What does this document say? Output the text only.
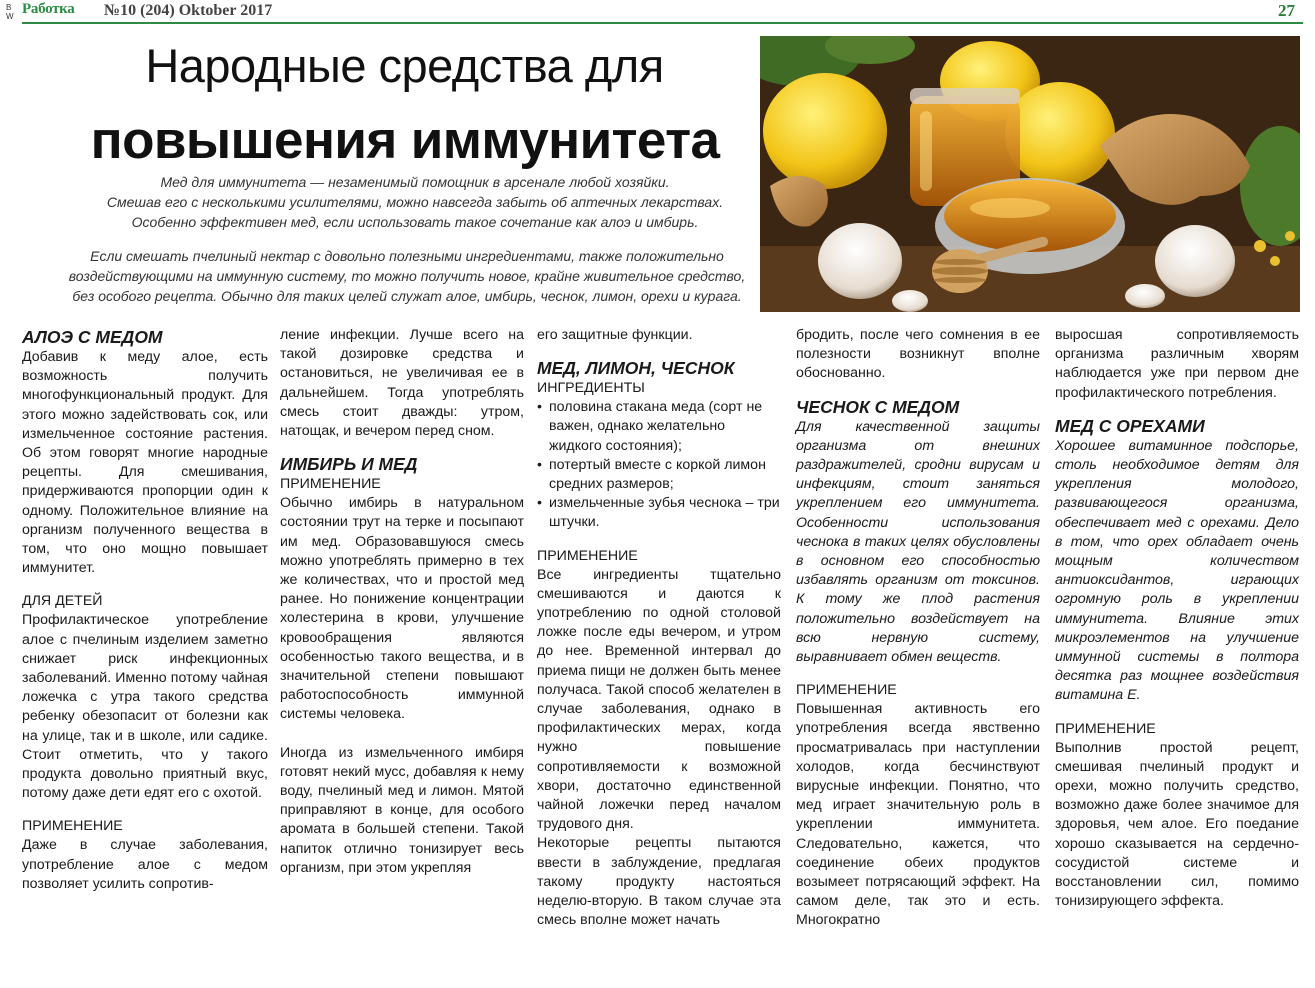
BW Работка №10 (204) Oktober 2017	27
Народные средства для
повышения иммунитета
Мед для иммунитета — незаменимый помощник в арсенале любой хозяйки.
Смешав его с несколькими усилителями, можно навсегда забыть об аптечных лекарствах.
Особенно эффективен мед, если использовать такое сочетание как алоэ и имбирь.
Если смешать пчелиный нектар с довольно полезными ингредиентами, также положительно
воздействующими на иммунную систему, то можно получить новое, крайне живительное средство,
без особого рецепта. Обычно для таких целей служат алое, имбирь, чеснок, лимон, орехи и курага.
АЛОЭ С МЕДОМ

Добавив к меду алое, есть возможность получить многофункциональный продукт. Для этого можно задействовать сок, или измельченное состояние растения. Об этом говорят многие народные рецепты. Для смешивания, придерживаются пропорции один к одному. Положительное влияние на организм полученного вещества в том, что оно мощно повышает иммунитет.

ДЛЯ ДЕТЕЙ

Профилактическое употребление алое с пчелиным изделием заметно снижает риск инфекционных заболеваний. Именно потому чайная ложечка с утра такого средства ребенку обезопасит от болезни как на улице, так и в школе, или садике. Стоит отметить, что у такого продукта довольно приятный вкус, потому даже дети едят его с охотой.

ПРИМЕНЕНИЕ

Даже в случае заболевания, употребление алое с медом позволяет усилить сопротив-

ление инфекции. Лучше всего на такой дозировке средства и остановиться, не увеличивая ее в дальнейшем. Тогда употреблять смесь стоит дважды: утром, натощак, и вечером перед сном.

ИМБИРЬ И МЕД
ПРИМЕНЕНИЕ

Обычно имбирь в натуральном состоянии трут на терке и посыпают им мед. Образовавшуюся смесь можно употреблять примерно в тех же количествах, что и простой мед ранее. Но понижение концентрации холестерина в крови, улучшение кровообращения являются особенностью такого вещества, и в значительной степени повышают работоспособность иммунной системы человека.

Иногда из измельченного имбиря готовят некий мусс, добавляя к нему воду, пчелиный мед и лимон. Мятой приправляют в конце, для особого аромата в большей степени. Такой напиток отлично тонизирует весь организм, при этом укрепляя

его защитные функции.

МЕД, ЛИМОН, ЧЕСНОК
ИНГРЕДИЕНТЫ
• половина стакана меда (сорт не важен, однако желательно жидкого состояния);
• потертый вместе с коркой лимон средних размеров;
• измельченные зубья чеснока – три штучки.
ПРИМЕНЕНИЕ

Все ингредиенты тщательно смешиваются и даются к употреблению по одной столовой ложке после еды вечером, и утром до нее. Временной интервал до приема пищи не должен быть менее получаса. Такой способ желателен в случае заболевания, однако в профилактических мерах, когда нужно повышение сопротивляемости к возможной хвори, достаточно единственной чайной ложечки перед началом трудового дня.

Некоторые рецепты пытаются ввести в заблуждение, предлагая такому продукту настояться неделю-вторую. В таком случае эта смесь вполне может начать

бродить, после чего сомнения в ее полезности возникнут вполне обоснованно.

ЧЕСНОК С МЕДОМ

Для качественной защиты организма от внешних раздражителей, сродни вирусам и инфекциям, стоит заняться укреплением его иммунитета. Особенности использования чеснока в таких целях обусловлены в основном его способностью избавлять организм от токсинов. К тому же плод растения положительно воздействует на всю нервную систему, выравнивает обмен веществ.

ПРИМЕНЕНИЕ

Повышенная активность его употребления всегда явственно просматривалась при наступлении холодов, когда бесчинствуют вирусные инфекции. Понятно, что мед играет значительную роль в укреплении иммунитета. Следовательно, кажется, что соединение обеих продуктов возымеет потрясающий эффект. На самом деле, так это и есть. Многократно

выросшая сопротивляемость организма различным хворям наблюдается уже при первом дне профилактического потребления.

МЕД С ОРЕХАМИ

Хорошее витаминное подспорье, столь необходимое детям для укрепления молодого, развивающегося организма, обеспечивает мед с орехами. Дело в том, что орех обладает очень мощным количеством антиоксидантов, играющих огромную роль в укреплении иммунитета. Влияние этих микроэлементов на улучшение иммунной системы в полтора десятка раз мощнее воздействия витамина Е.

ПРИМЕНЕНИЕ

Выполнив простой рецепт, смешивая пчелиный продукт и орехи, можно получить средство, возможно даже более значимое для здоровья, чем алое. Его поедание хорошо сказывается на сердечно-сосудистой системе и восстановлении сил, помимо тонизирующего эффекта.
